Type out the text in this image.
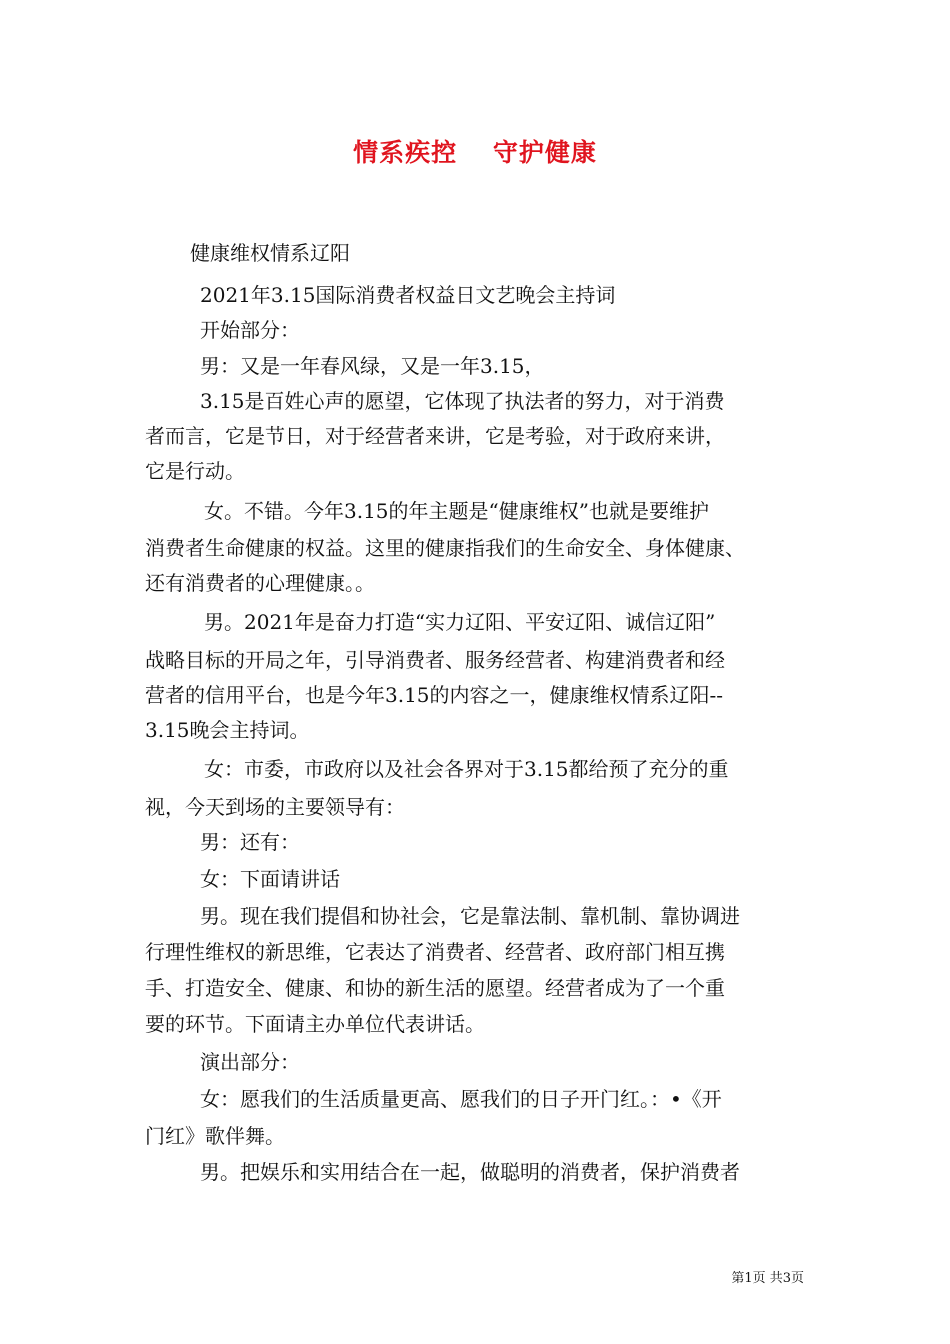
情系疾控　 守护健康
健康维权情系辽阳
2021年3.15国际消费者权益日文艺晚会主持词
开始部分：
男：又是一年春风绿，又是一年3.15，
3.15是百姓心声的愿望，它体现了执法者的努力，对于消费
者而言，它是节日，对于经营者来讲，它是考验，对于政府来讲，
它是行动。
女。不错。今年3.15的年主题是“健康维权”也就是要维护
消费者生命健康的权益。这里的健康指我们的生命安全、身体健康、
还有消费者的心理健康。。
男。2021年是奋力打造“实力辽阳、平安辽阳、诚信辽阳”
战略目标的开局之年，引导消费者、服务经营者、构建消费者和经
营者的信用平台，也是今年3.15的内容之一，健康维权情系辽阳--
3.15晚会主持词。
女：市委，市政府以及社会各界对于3.15都给预了充分的重
视，今天到场的主要领导有：
男：还有：
女：下面请讲话
男。现在我们提倡和协社会，它是靠法制、靠机制、靠协调进
行理性维权的新思维，它表达了消费者、经营者、政府部门相互携
手、打造安全、健康、和协的新生活的愿望。经营者成为了一个重
要的环节。下面请主办单位代表讲话。
演出部分：
女：愿我们的生活质量更高、愿我们的日子开门红。：•《开
门红》歌伴舞。
男。把娱乐和实用结合在一起，做聪明的消费者，保护消费者
第1页 共3页
